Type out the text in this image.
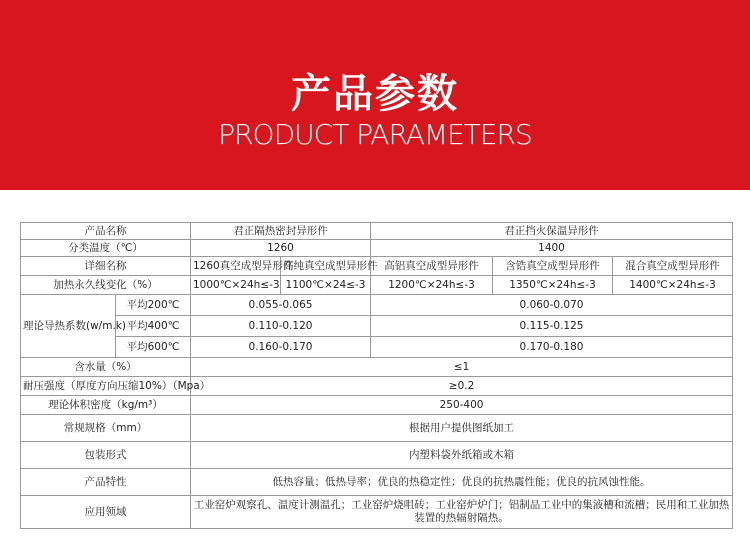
产品参数
PRODUCT PARAMETERS
产品名称		君正隔热密封异形件		君正挡火保温异形件		
分类温度（℃）		1260		1400		
详细名称		1260真空成型异形件	高纯真空成型异形件	高铝真空成型异形件	含锆真空成型异形件	混合真空成型异形件
加热永久线变化（%）		1000℃×24h≤-3	1100℃×24≤-3	1200℃×24h≤-3	1350℃×24h≤-3	1400℃×24h≤-3
理论导热系数(w/m.k)	平均200℃	0.055-0.065		0.060-0.070		
	平均400℃	0.110-0.120		0.115-0.125		
	平均600℃	0.160-0.170		0.170-0.180		
含水量（%）		≤1				
耐压强度（厚度方向压缩10%）（Mpa）		≥0.2				
理论体积密度（kg/m³）		250-400				
常规规格（mm）		根据用户提供图纸加工				
包装形式		内塑料袋外纸箱或木箱				
产品特性		低热容量；低热导率；优良的热稳定性；优良的抗热震性能；优良的抗风蚀性能。				
应用领域		工业窑炉观察孔、温度计测温孔；工业窑炉烧咀砖；工业窑炉炉门；铝制品工业中的集液槽和流槽；民用和工业加热装置的热辐射隔热。				
